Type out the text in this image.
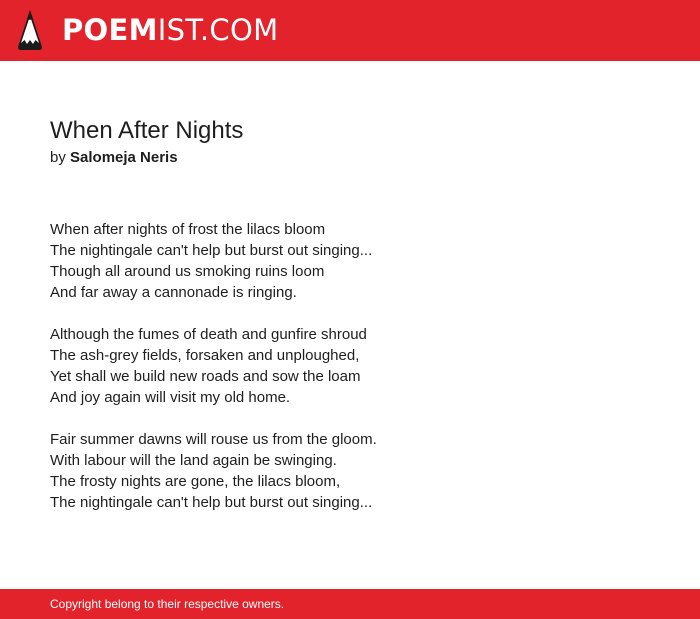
POEMIST.COM
When After Nights
by Salomeja Neris
When after nights of frost the lilacs bloom
The nightingale can't help but burst out singing...
Though all around us smoking ruins loom
And far away a cannonade is ringing.
Although the fumes of death and gunfire shroud
The ash-grey fields, forsaken and unploughed,
Yet shall we build new roads and sow the loam
And joy again will visit my old home.
Fair summer dawns will rouse us from the gloom.
With labour will the land again be swinging.
The frosty nights are gone, the lilacs bloom,
The nightingale can't help but burst out singing...
Copyright belong to their respective owners.
